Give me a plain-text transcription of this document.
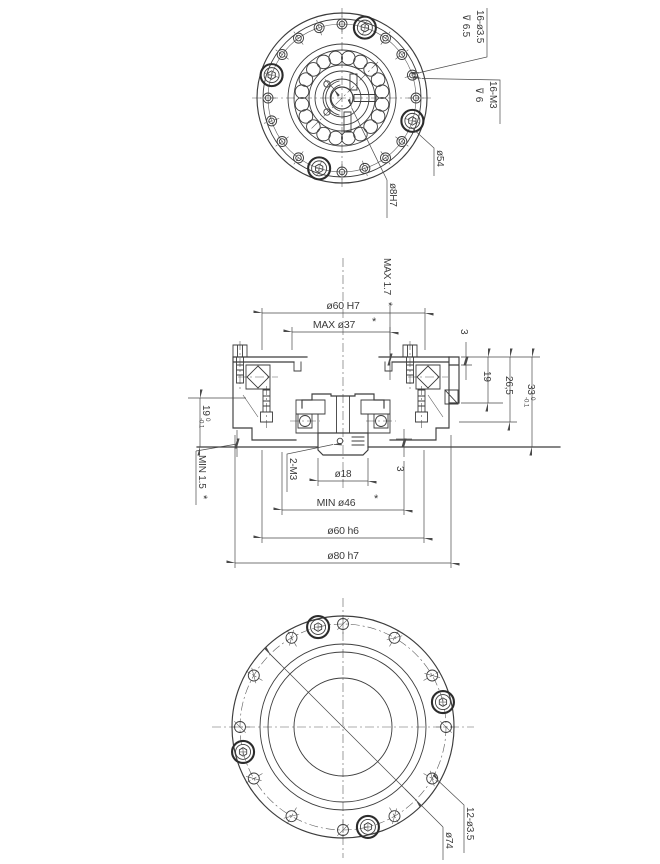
16-ø3.5
⊽ 6.5
16-M3
⊽ 6
ø54
ø8H7
ø60 H7
MAX ø37 *
MAX 1.7
*
3
19 26,5 33
0
-0.1
19
0
-0.1
MIN 1.5
*
2-M3	ø18
3
MIN ø46 *
ø60 h6
ø80 h7
ø74
12-ø3.5
